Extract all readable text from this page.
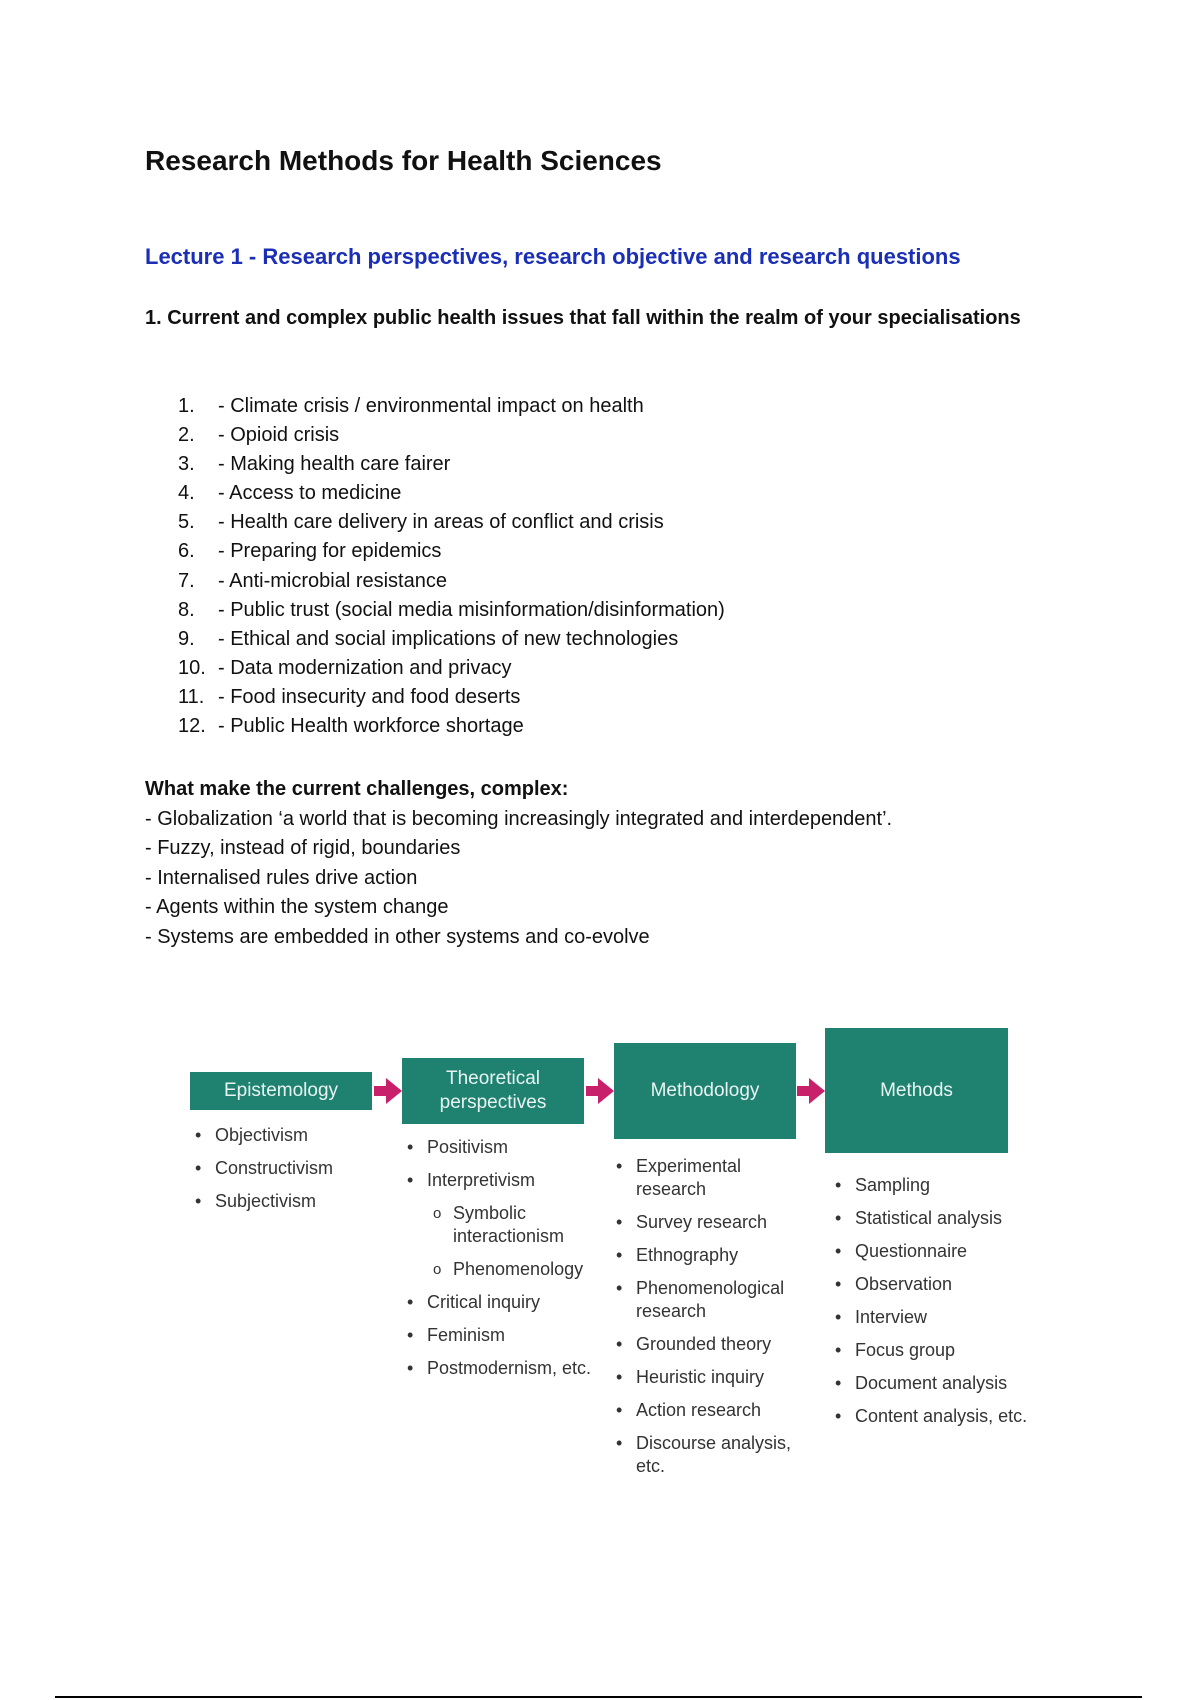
Research Methods for Health Sciences
Lecture 1 - Research perspectives, research objective and research questions
1. Current and complex public health issues that fall within the realm of your specialisations
1.	- Climate crisis / environmental impact on health
2.	- Opioid crisis
3.	- Making health care fairer
4.	- Access to medicine
5.	- Health care delivery in areas of conflict and crisis
6.	- Preparing for epidemics
7.	- Anti-microbial resistance
8.	- Public trust (social media misinformation/disinformation)
9.	- Ethical and social implications of new technologies
10. - Data modernization and privacy
11. - Food insecurity and food deserts
12. - Public Health workforce shortage
What make the current challenges, complex:
- Globalization ‘a world that is becoming increasingly integrated and interdependent’.
- Fuzzy, instead of rigid, boundaries
- Internalised rules drive action
- Agents within the system change
- Systems are embedded in other systems and co-evolve
Epistemology
Theoretical perspectives
Methodology	Methods
• Objectivism
• Constructivism
• Subjectivism
• Positivism
• Interpretivism
o Symbolic interactionism
o Phenomenology
• Critical inquiry
• Feminism
• Postmodernism, etc.
• Experimental research
• Survey research
• Ethnography
• Phenomenological research
• Grounded theory
• Heuristic inquiry
• Action research
• Discourse analysis, etc.
• Sampling
• Statistical analysis
• Questionnaire
• Observation
• Interview
• Focus group
• Document analysis
• Content analysis, etc.
